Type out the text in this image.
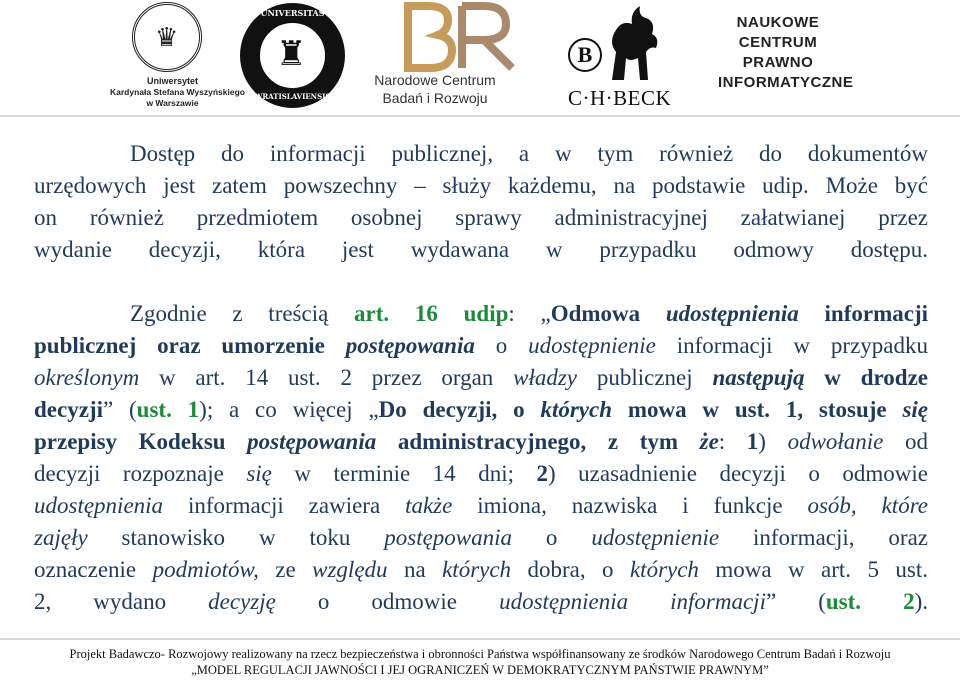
♛
Uniwersytet
Kardynała Stefana Wyszyńskiego
w Warszawie
UNIVERSITAS
♜
WRATISLAVIENSIS
Narodowe Centrum
Badań i Rozwoju
B
C·H·BECK
NAUKOWE
CENTRUM
PRAWNO
INFORMATYCZNE
Dostęp do informacji publicznej, a w tym również do dokumentów
urzędowych jest zatem powszechny – służy każdemu, na podstawie udip. Może być
on również przedmiotem osobnej sprawy administracyjnej załatwianej przez
wydanie decyzji, która jest wydawana w przypadku odmowy dostępu.
Zgodnie z treścią art. 16 udip: „Odmowa udostępnienia informacji
publicznej oraz umorzenie postępowania o udostępnienie informacji w przypadku
określonym w art. 14 ust. 2 przez organ władzy publicznej następują w drodze
decyzji” (ust. 1); a co więcej „Do decyzji, o których mowa w ust. 1, stosuje się
przepisy Kodeksu postępowania administracyjnego, z tym że: 1) odwołanie od
decyzji rozpoznaje się w terminie 14 dni; 2) uzasadnienie decyzji o odmowie
udostępnienia informacji zawiera także imiona, nazwiska i funkcje osób, które
zajęły stanowisko w toku postępowania o udostępnienie informacji, oraz
oznaczenie podmiotów, ze względu na których dobra, o których mowa w art. 5 ust.
2, wydano decyzję o odmowie udostępnienia informacji” (ust. 2).
Projekt Badawczo- Rozwojowy realizowany na rzecz bezpieczeństwa i obronności Państwa współfinansowany ze środków Narodowego Centrum Badań i Rozwoju
„MODEL REGULACJI JAWNOŚCI I JEJ OGRANICZEŃ W DEMOKRATYCZNYM PAŃSTWIE PRAWNYM”
